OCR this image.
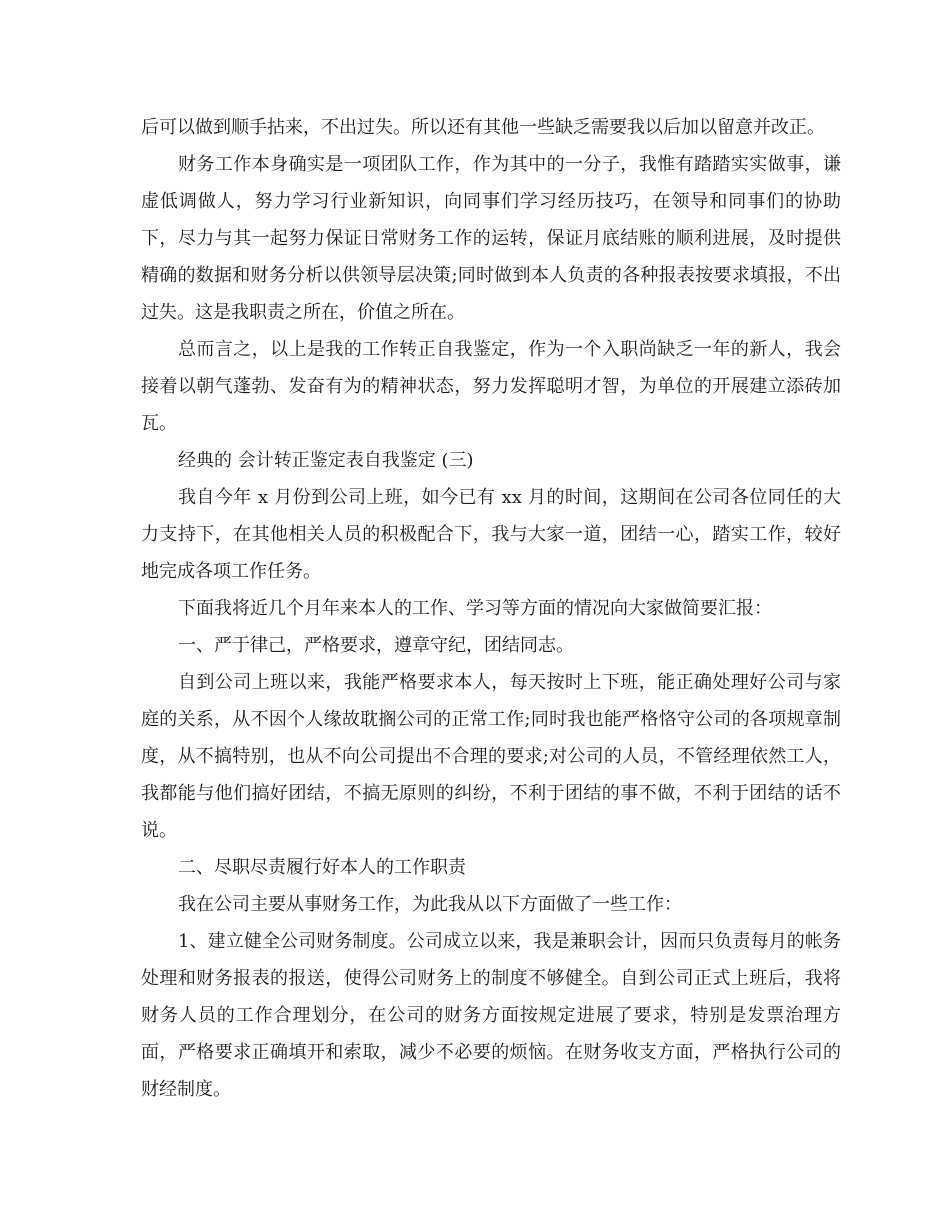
后可以做到顺手拈来，不出过失。所以还有其他一些缺乏需要我以后加以留意并改正。

财务工作本身确实是一项团队工作，作为其中的一分子，我惟有踏踏实实做事，谦虚低调做人，努力学习行业新知识，向同事们学习经历技巧，在领导和同事们的协助下，尽力与其一起努力保证日常财务工作的运转，保证月底结账的顺利进展，及时提供精确的数据和财务分析以供领导层决策;同时做到本人负责的各种报表按要求填报，不出过失。这是我职责之所在，价值之所在。

总而言之，以上是我的工作转正自我鉴定，作为一个入职尚缺乏一年的新人，我会接着以朝气蓬勃、发奋有为的精神状态，努力发挥聪明才智，为单位的开展建立添砖加瓦。

经典的 会计转正鉴定表自我鉴定 (三)

我自今年 x 月份到公司上班，如今已有 xx 月的时间，这期间在公司各位同任的大力支持下，在其他相关人员的积极配合下，我与大家一道，团结一心，踏实工作，较好地完成各项工作任务。

下面我将近几个月年来本人的工作、学习等方面的情况向大家做简要汇报：

一、严于律己，严格要求，遵章守纪，团结同志。

自到公司上班以来，我能严格要求本人，每天按时上下班，能正确处理好公司与家庭的关系，从不因个人缘故耽搁公司的正常工作;同时我也能严格恪守公司的各项规章制度，从不搞特别，也从不向公司提出不合理的要求;对公司的人员，不管经理依然工人，我都能与他们搞好团结，不搞无原则的纠纷，不利于团结的事不做，不利于团结的话不说。

二、尽职尽责履行好本人的工作职责

我在公司主要从事财务工作，为此我从以下方面做了一些工作：

1、建立健全公司财务制度。公司成立以来，我是兼职会计，因而只负责每月的帐务处理和财务报表的报送，使得公司财务上的制度不够健全。自到公司正式上班后，我将财务人员的工作合理划分，在公司的财务方面按规定进展了要求，特别是发票治理方面，严格要求正确填开和索取，减少不必要的烦恼。在财务收支方面，严格执行公司的财经制度。
